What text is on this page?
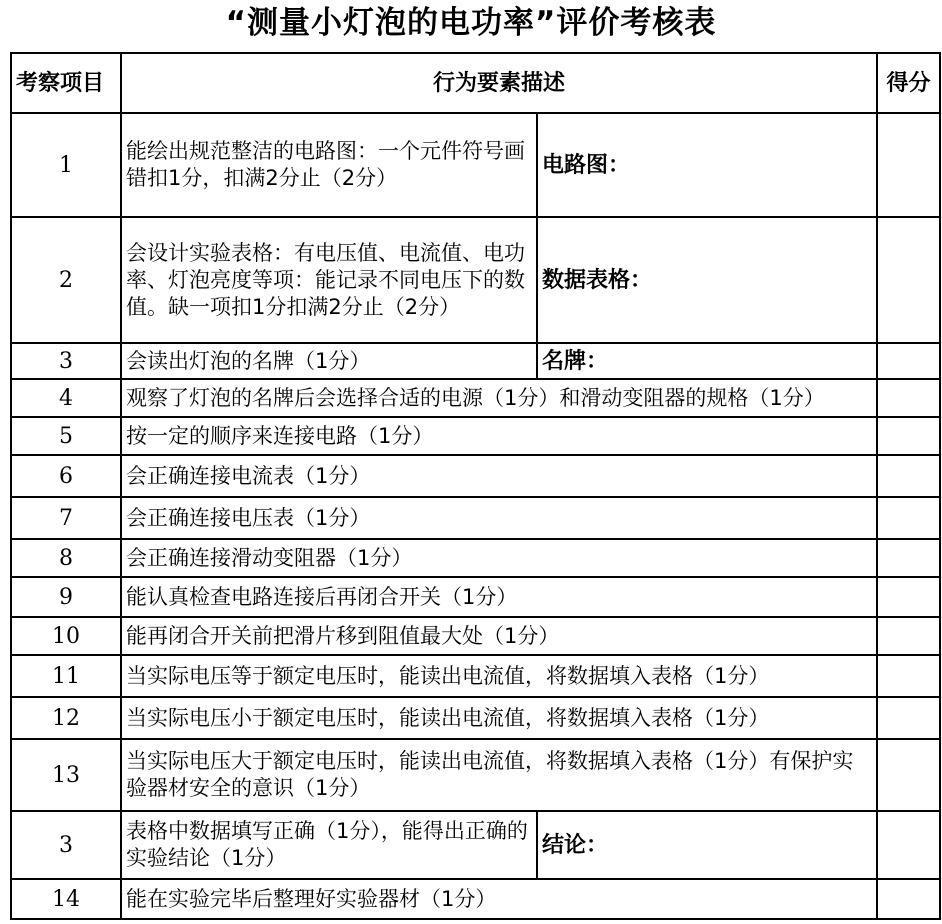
“测量小灯泡的电功率”评价考核表
考察项目	行为要素描述		得分
1	能绘出规范整洁的电路图：一个元件符号画错扣1分，扣满2分止（2分）	电路图：	
2	会设计实验表格：有电压值、电流值、电功率、灯泡亮度等项：能记录不同电压下的数值。缺一项扣1分扣满2分止（2分）	数据表格：	
3	会读出灯泡的名牌（1分）	名牌：	
4	观察了灯泡的名牌后会选择合适的电源（1分）和滑动变阻器的规格（1分）		
5	按一定的顺序来连接电路（1分）		
6	会正确连接电流表（1分）		
7	会正确连接电压表（1分）		
8	会正确连接滑动变阻器（1分）		
9	能认真检查电路连接后再闭合开关（1分）		
10	能再闭合开关前把滑片移到阻值最大处（1分）		
11	当实际电压等于额定电压时，能读出电流值，将数据填入表格（1分）		
12	当实际电压小于额定电压时，能读出电流值，将数据填入表格（1分）		
13	当实际电压大于额定电压时，能读出电流值，将数据填入表格（1分）有保护实验器材安全的意识（1分）		
3	表格中数据填写正确（1分），能得出正确的实验结论（1分）	结论：	
14	能在实验完毕后整理好实验器材（1分）		
